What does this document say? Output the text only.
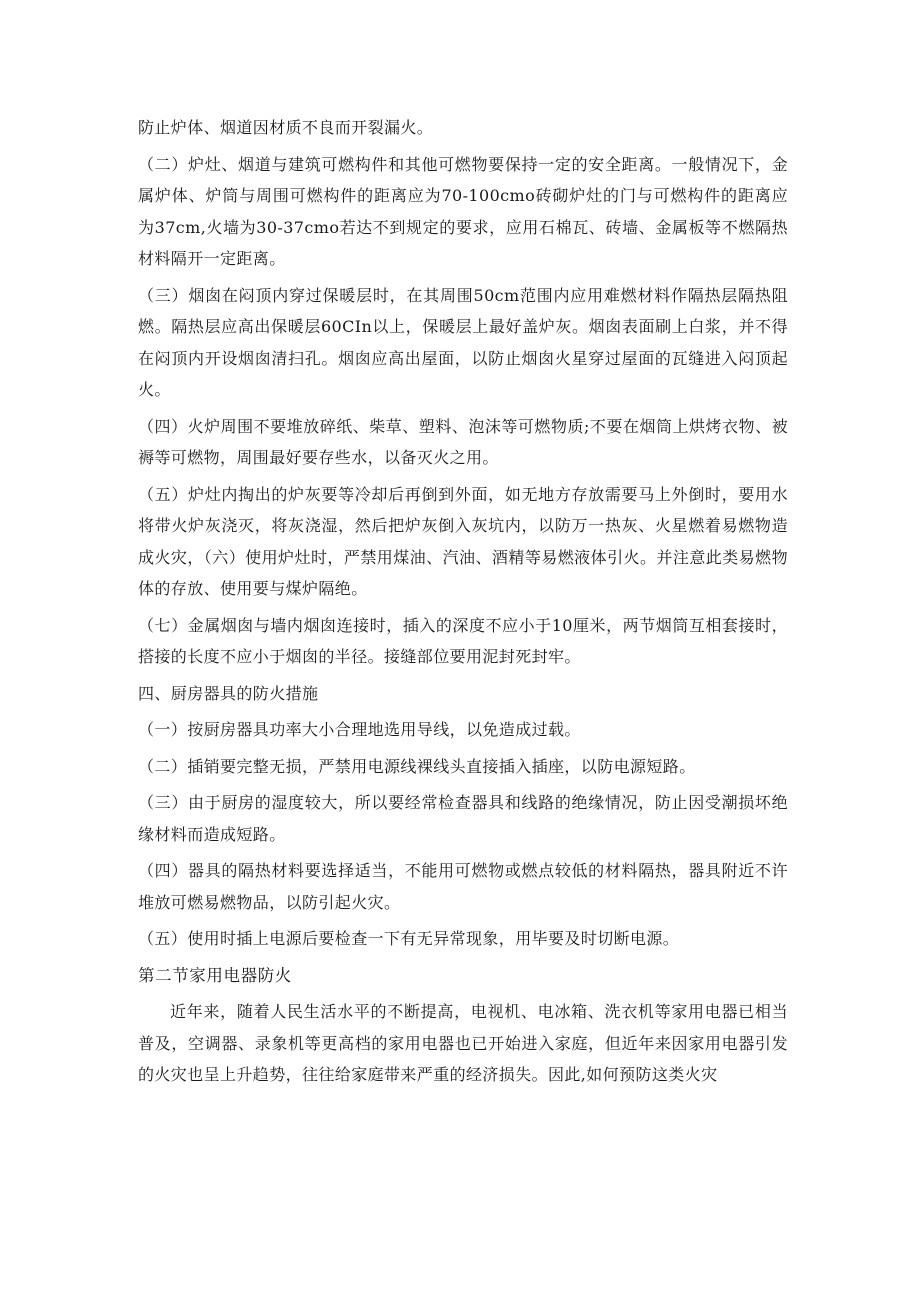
防止炉体、烟道因材质不良而开裂漏火。

（二）炉灶、烟道与建筑可燃构件和其他可燃物要保持一定的安全距离。一般情况下，金属炉体、炉筒与周围可燃构件的距离应为70-100cmo砖砌炉灶的门与可燃构件的距离应为37cm,火墙为30-37cmo若达不到规定的要求，应用石棉瓦、砖墙、金属板等不燃隔热材料隔开一定距离。

（三）烟囱在闷顶内穿过保暖层时，在其周围50cm范围内应用难燃材料作隔热层隔热阻燃。隔热层应高出保暖层60CIn以上，保暖层上最好盖炉灰。烟囱表面刷上白浆，并不得在闷顶内开设烟囱清扫孔。烟囱应高出屋面，以防止烟囱火星穿过屋面的瓦缝进入闷顶起火。

（四）火炉周围不要堆放碎纸、柴草、塑料、泡沫等可燃物质;不要在烟筒上烘烤衣物、被褥等可燃物，周围最好要存些水，以备灭火之用。

（五）炉灶内掏出的炉灰要等冷却后再倒到外面，如无地方存放需要马上外倒时，要用水将带火炉灰浇灭，将灰浇湿，然后把炉灰倒入灰坑内，以防万一热灰、火星燃着易燃物造成火灾，（六）使用炉灶时，严禁用煤油、汽油、酒精等易燃液体引火。并注意此类易燃物体的存放、使用要与煤炉隔绝。

（七）金属烟囱与墙内烟囱连接时，插入的深度不应小于10厘米，两节烟筒互相套接时，搭接的长度不应小于烟囱的半径。接缝部位要用泥封死封牢。

四、厨房器具的防火措施

（一）按厨房器具功率大小合理地选用导线，以免造成过载。

（二）插销要完整无损，严禁用电源线裸线头直接插入插座，以防电源短路。

（三）由于厨房的湿度较大，所以要经常检查器具和线路的绝缘情况，防止因受潮损坏绝缘材料而造成短路。

（四）器具的隔热材料要选择适当，不能用可燃物或燃点较低的材料隔热，器具附近不许堆放可燃易燃物品，以防引起火灾。

（五）使用时插上电源后要检查一下有无异常现象，用毕要及时切断电源。

第二节家用电器防火

近年来，随着人民生活水平的不断提高，电视机、电冰箱、洗衣机等家用电器已相当普及，空调器、录象机等更高档的家用电器也已开始进入家庭，但近年来因家用电器引发的火灾也呈上升趋势，往往给家庭带来严重的经济损失。因此,如何预防这类火灾
